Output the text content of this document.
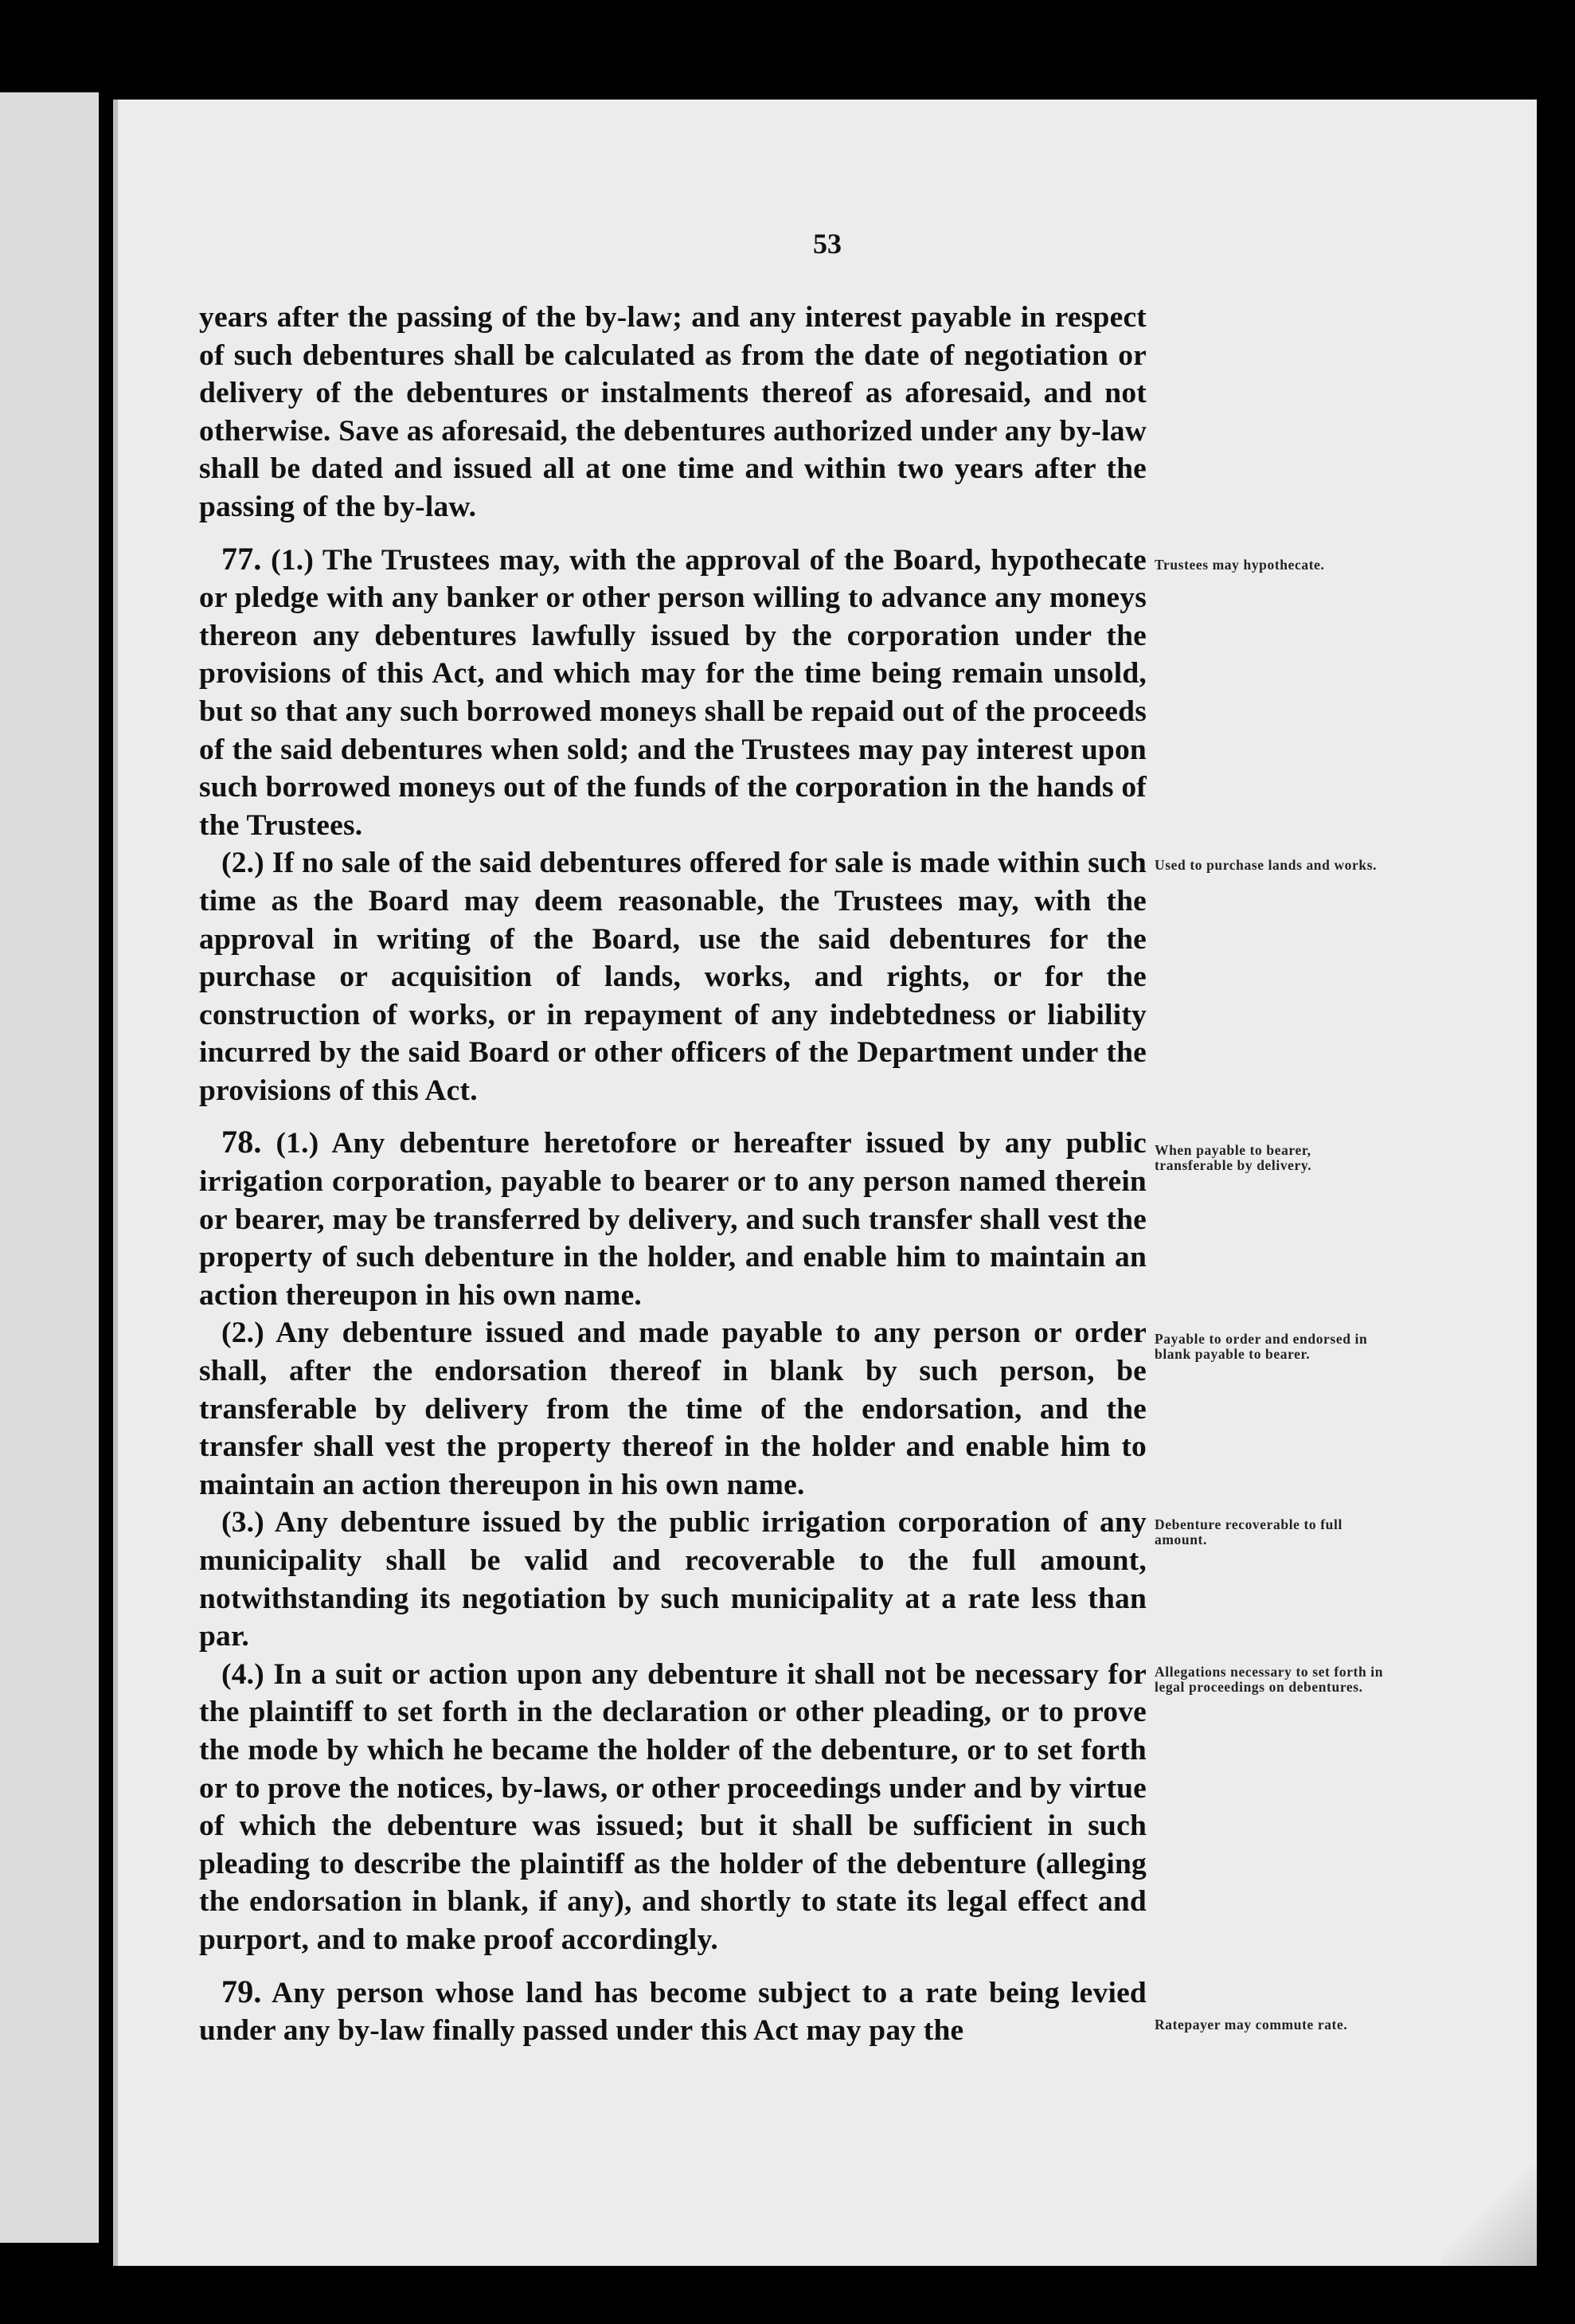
53

years after the passing of the by-law; and any interest payable in respect of such debentures shall be calculated as from the date of negotiation or delivery of the debentures or instalments thereof as aforesaid, and not otherwise. Save as aforesaid, the debentures authorized under any by-law shall be dated and issued all at one time and within two years after the passing of the by-law.

77. (1.) The Trustees may, with the approval of the Board, hypothecate or pledge with any banker or other person willing to advance any moneys thereon any debentures lawfully issued by the corporation under the provisions of this Act, and which may for the time being remain unsold, but so that any such borrowed moneys shall be repaid out of the proceeds of the said debentures when sold; and the Trustees may pay interest upon such borrowed moneys out of the funds of the corporation in the hands of the Trustees.

(2.) If no sale of the said debentures offered for sale is made within such time as the Board may deem reasonable, the Trustees may, with the approval in writing of the Board, use the said debentures for the purchase or acquisition of lands, works, and rights, or for the construction of works, or in repayment of any indebtedness or liability incurred by the said Board or other officers of the Department under the provisions of this Act.

78. (1.) Any debenture heretofore or hereafter issued by any public irrigation corporation, payable to bearer or to any person named therein or bearer, may be transferred by delivery, and such transfer shall vest the property of such debenture in the holder, and enable him to maintain an action thereupon in his own name.

(2.) Any debenture issued and made payable to any person or order shall, after the endorsation thereof in blank by such person, be transferable by delivery from the time of the endorsation, and the transfer shall vest the property thereof in the holder and enable him to maintain an action thereupon in his own name.

(3.) Any debenture issued by the public irrigation corporation of any municipality shall be valid and recoverable to the full amount, notwithstanding its negotiation by such municipality at a rate less than par.

(4.) In a suit or action upon any debenture it shall not be necessary for the plaintiff to set forth in the declaration or other pleading, or to prove the mode by which he became the holder of the debenture, or to set forth or to prove the notices, by-laws, or other proceedings under and by virtue of which the debenture was issued; but it shall be sufficient in such pleading to describe the plaintiff as the holder of the debenture (alleging the endorsation in blank, if any), and shortly to state its legal effect and purport, and to make proof accordingly.

79. Any person whose land has become subject to a rate being levied under any by-law finally passed under this Act may pay the

Trustees may hypothecate.
Used to purchase lands and works.
When payable to bearer, transferable by delivery.
Payable to order and endorsed in blank payable to bearer.
Debenture recoverable to full amount.
Allegations necessary to set forth in legal proceedings on debentures.
Ratepayer may commute rate.
